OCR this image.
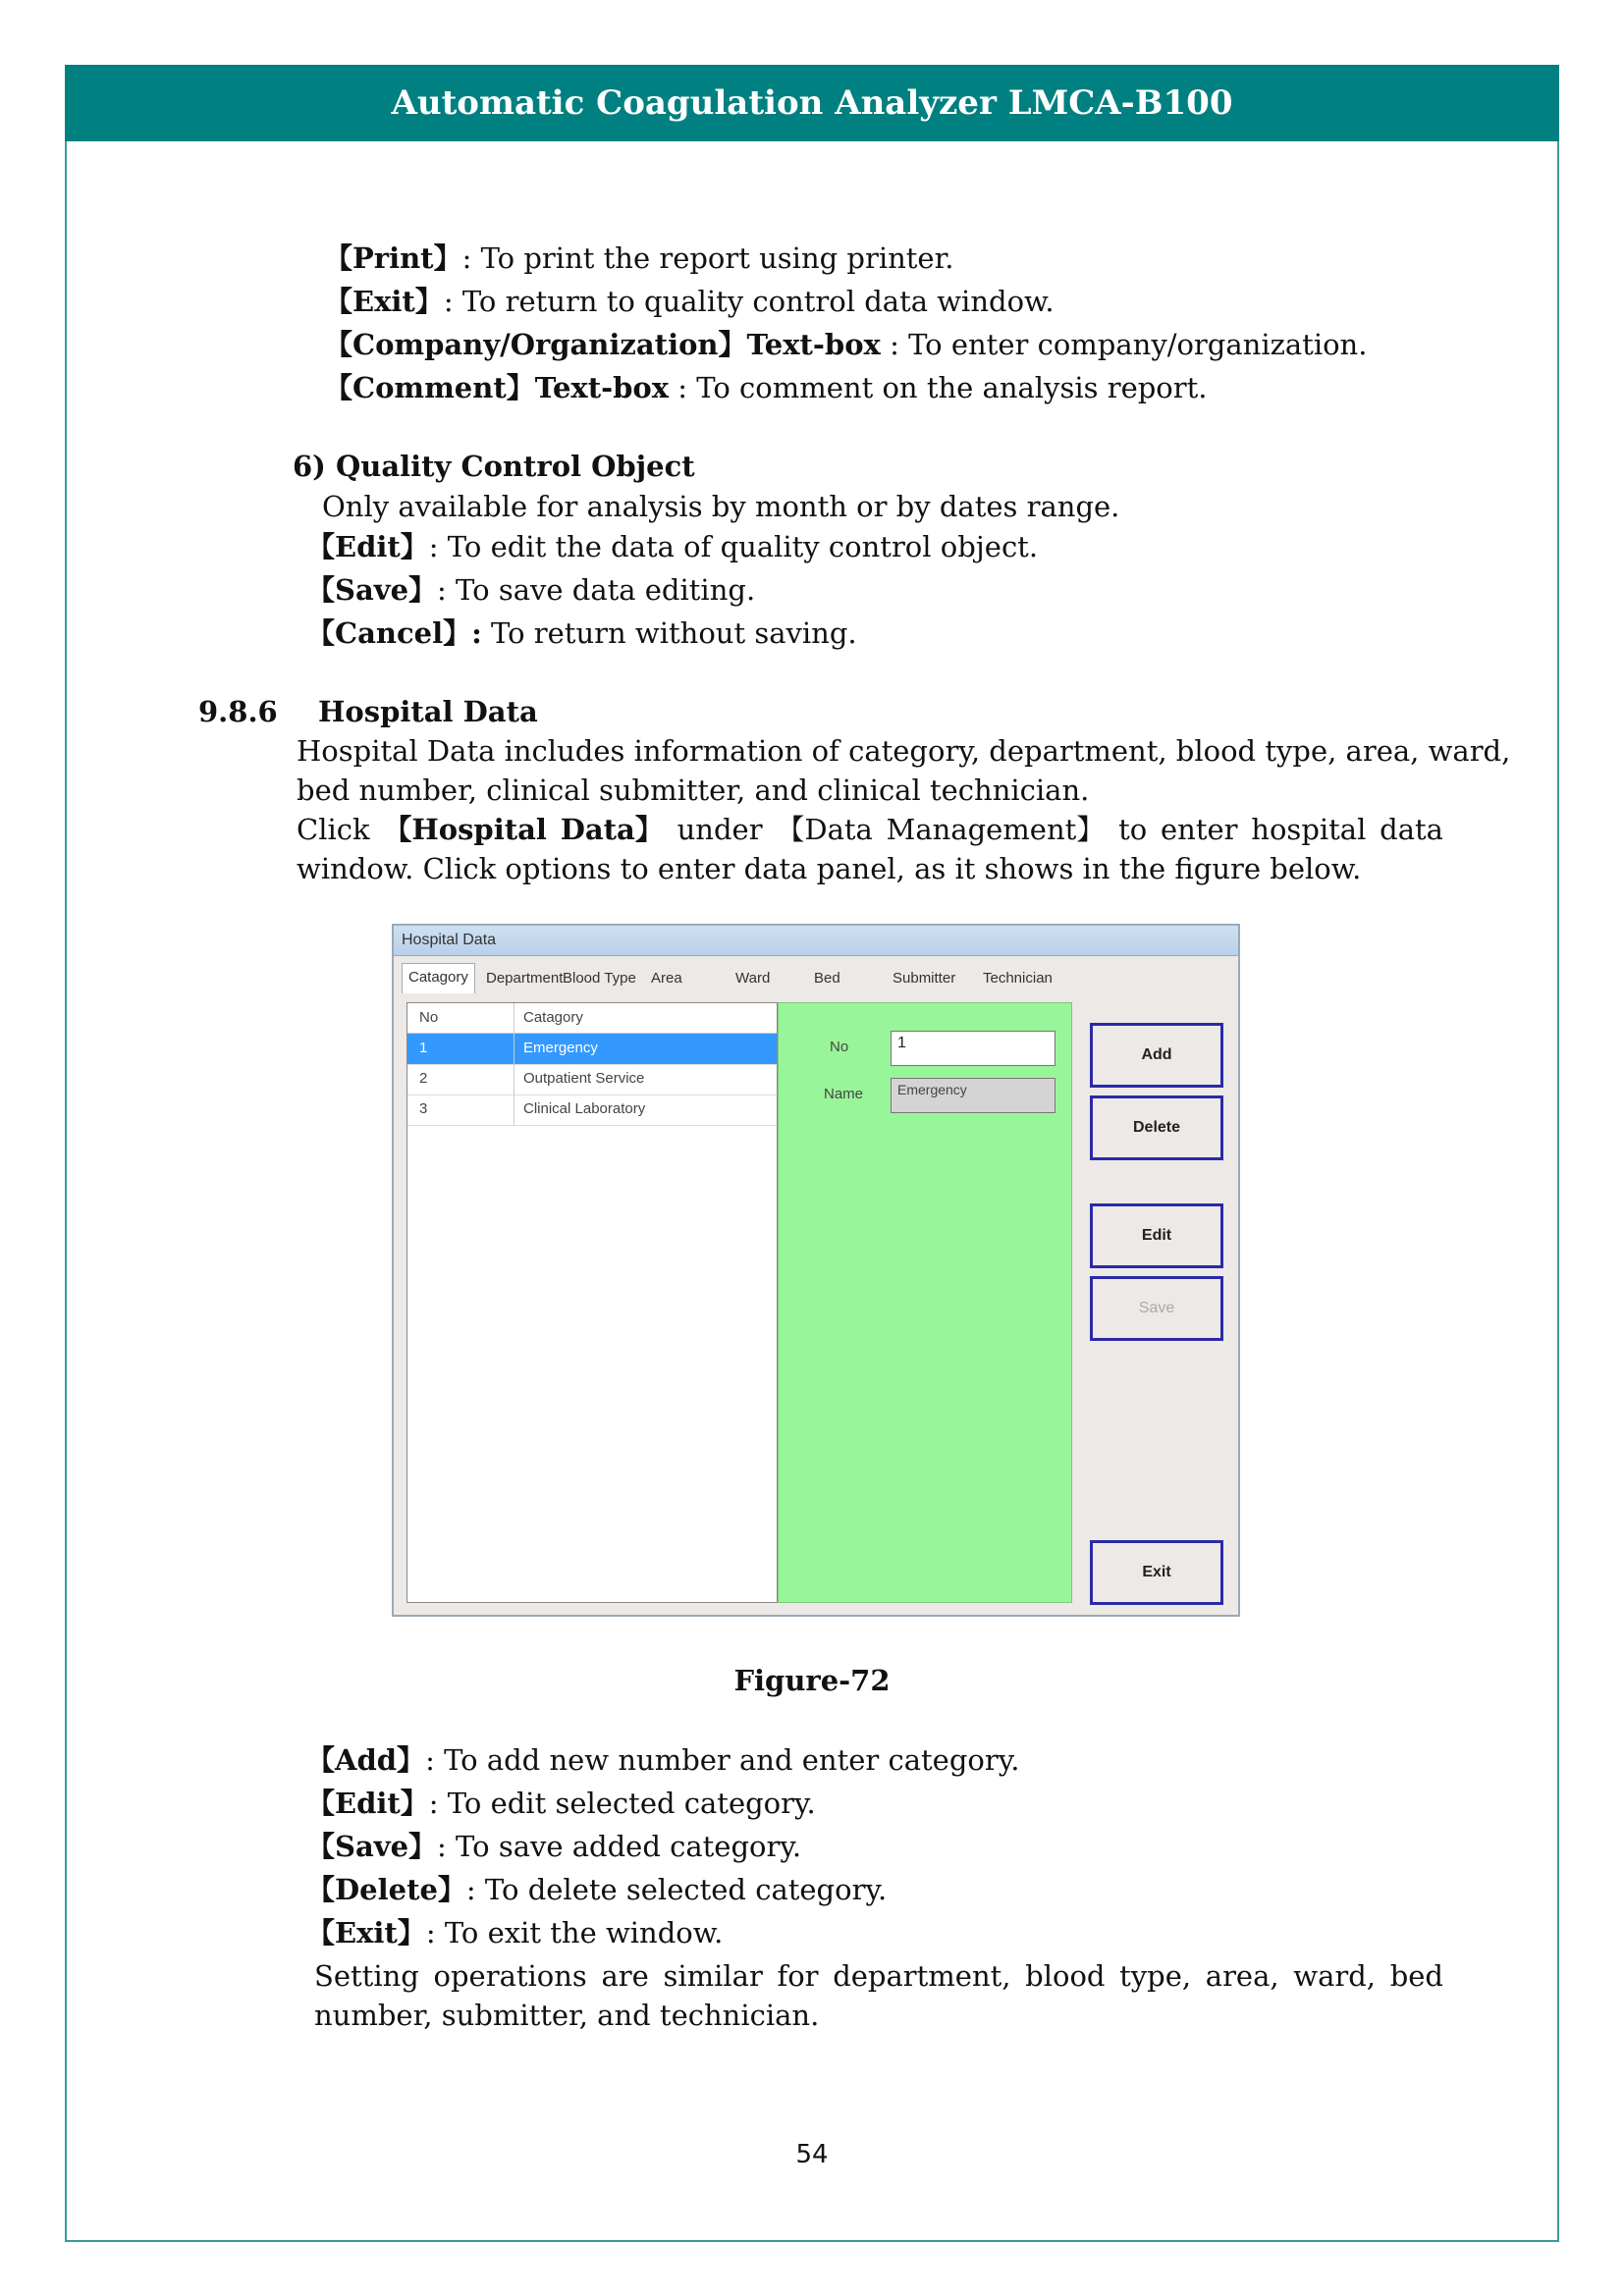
Automatic Coagulation Analyzer LMCA-B100
【Print】: To print the report using printer.
【Exit】: To return to quality control data window.
【Company/Organization】Text-box : To enter company/organization.
【Comment】Text-box : To comment on the analysis report.
6) Quality Control Object
Only available for analysis by month or by dates range.
【Edit】: To edit the data of quality control object.
【Save】: To save data editing.
【Cancel】: To return without saving.
9.8.6 Hospital Data
Hospital Data includes information of category, department, blood type, area, ward,
bed number, clinical submitter, and clinical technician.
Click 【Hospital Data】 under 【Data Management】 to enter hospital data
window. Click options to enter data panel, as it shows in the figure below.
Hospital Data
Catagory	Department Blood Type Area	Ward	Bed	Submitter Technician
No	Catagory
1	Emergency
2	Outpatient Service
3	Clinical Laboratory
No	1
Name	Emergency
Add
Delete
Edit
Save
Exit
Figure-72
【Add】: To add new number and enter category.
【Edit】: To edit selected category.
【Save】: To save added category.
【Delete】: To delete selected category.
【Exit】: To exit the window.
Setting operations are similar for department, blood type, area, ward, bed
number, submitter, and technician.
54
